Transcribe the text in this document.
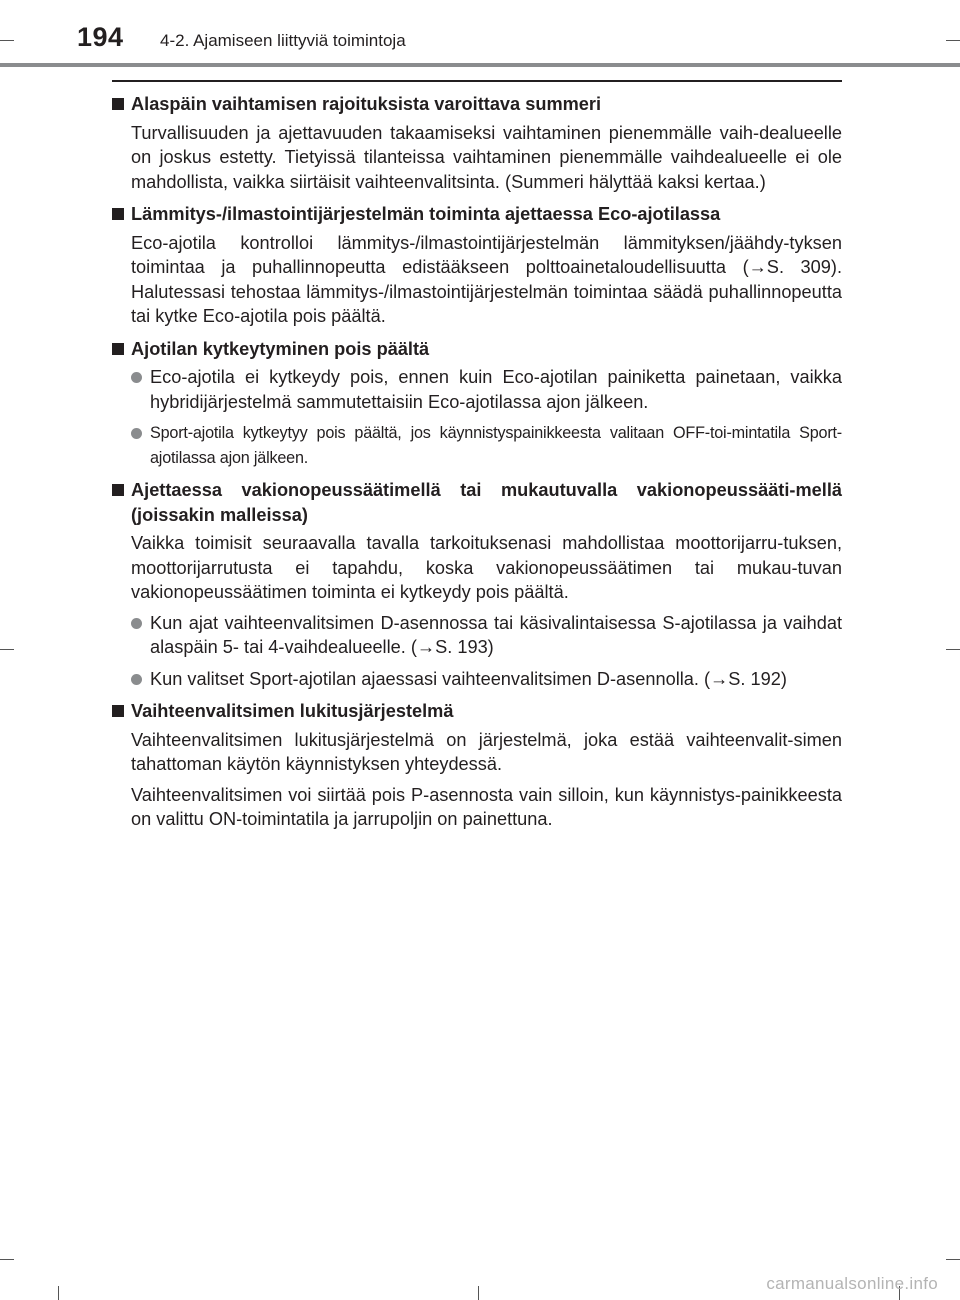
194 4-2. Ajamiseen liittyviä toimintoja
Alaspäin vaihtamisen rajoituksista varoittava summeri
Turvallisuuden ja ajettavuuden takaamiseksi vaihtaminen pienemmälle vaih-dealueelle on joskus estetty. Tietyissä tilanteissa vaihtaminen pienemmälle vaihdealueelle ei ole mahdollista, vaikka siirtäisit vaihteenvalitsinta. (Summeri hälyttää kaksi kertaa.)
Lämmitys-/ilmastointijärjestelmän toiminta ajettaessa Eco-ajotilassa
Eco-ajotila kontrolloi lämmitys-/ilmastointijärjestelmän lämmityksen/jäähdy-tyksen toimintaa ja puhallinnopeutta edistääkseen polttoainetaloudellisuutta (→S. 309). Halutessasi tehostaa lämmitys-/ilmastointijärjestelmän toimintaa säädä puhallinnopeutta tai kytke Eco-ajotila pois päältä.
Ajotilan kytkeytyminen pois päältä
Eco-ajotila ei kytkeydy pois, ennen kuin Eco-ajotilan painiketta painetaan, vaikka hybridijärjestelmä sammutettaisiin Eco-ajotilassa ajon jälkeen.
Sport-ajotila kytkeytyy pois päältä, jos käynnistyspainikkeesta valitaan OFF-toi-mintatila Sport-ajotilassa ajon jälkeen.
Ajettaessa vakionopeussäätimellä tai mukautuvalla vakionopeussääti-mellä (joissakin malleissa)
Vaikka toimisit seuraavalla tavalla tarkoituksenasi mahdollistaa moottorijarru-tuksen, moottorijarrutusta ei tapahdu, koska vakionopeussäätimen tai mukau-tuvan vakionopeussäätimen toiminta ei kytkeydy pois päältä.
Kun ajat vaihteenvalitsimen D-asennossa tai käsivalintaisessa S-ajotilassa ja vaihdat alaspäin 5- tai 4-vaihdealueelle. (→S. 193)
Kun valitset Sport-ajotilan ajaessasi vaihteenvalitsimen D-asennolla. (→S. 192)
Vaihteenvalitsimen lukitusjärjestelmä
Vaihteenvalitsimen lukitusjärjestelmä on järjestelmä, joka estää vaihteenvalit-simen tahattoman käytön käynnistyksen yhteydessä.
Vaihteenvalitsimen voi siirtää pois P-asennosta vain silloin, kun käynnistys-painikkeesta on valittu ON-toimintatila ja jarrupoljin on painettuna.
carmanualsonline.info
